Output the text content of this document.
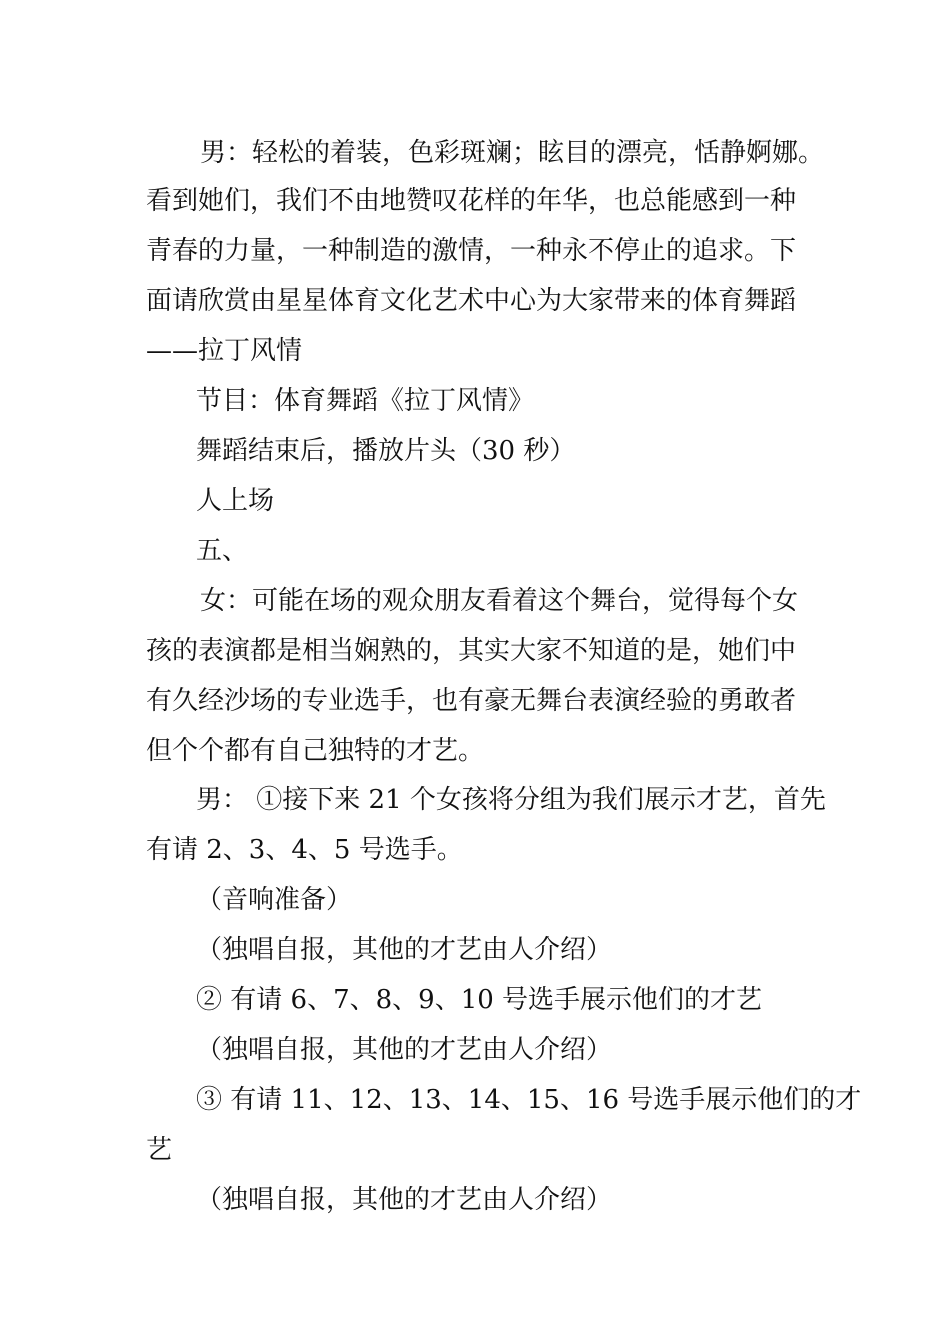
男：轻松的着装，色彩斑斓；眩目的漂亮，恬静婀娜。
看到她们，我们不由地赞叹花样的年华，也总能感到一种
青春的力量，一种制造的激情，一种永不停止的追求。下
面请欣赏由星星体育文化艺术中心为大家带来的体育舞蹈
——拉丁风情
节目：体育舞蹈《拉丁风情》
舞蹈结束后，播放片头（30 秒）
人上场
五、
女：可能在场的观众朋友看着这个舞台，觉得每个女
孩的表演都是相当娴熟的，其实大家不知道的是，她们中
有久经沙场的专业选手，也有豪无舞台表演经验的勇敢者
但个个都有自己独特的才艺。
男： ①接下来 21 个女孩将分组为我们展示才艺，首先
有请 2、3、4、5 号选手。
（音响准备）
（独唱自报，其他的才艺由人介绍）
② 有请 6、7、8、9、10 号选手展示他们的才艺
（独唱自报，其他的才艺由人介绍）
③ 有请 11、12、13、14、15、16 号选手展示他们的才
艺
（独唱自报，其他的才艺由人介绍）
